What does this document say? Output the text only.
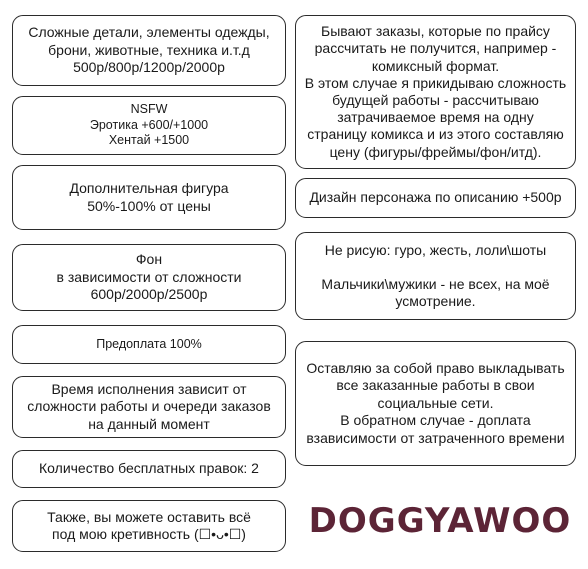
Сложные детали, элементы одежды,
брони, животные, техника и.т.д
500р/800р/1200р/2000р
NSFW
Эротика +600/+1000
Хентай +1500
Дополнительная фигура
50%-100% от цены
Фон
в зависимости от сложности
600р/2000р/2500р
Предоплата 100%
Время исполнения зависит от
сложности работы и очереди заказов
на данный момент
Количество бесплатных правок: 2
Также, вы можете оставить всё
под мою кретивность (☐•ᴗ•☐)
Бывают заказы, которые по прайсу
рассчитать не получится, например -
комиксный формат.
В этом случае я прикидываю сложность
будущей работы - рассчитываю
затрачиваемое время на одну
страницу комикса и из этого составляю
цену (фигуры/фреймы/фон/итд).
Дизайн персонажа по описанию +500р
Не рисую: гуро, жесть, лоли\шоты

Мальчики\мужики - не всех, на моё
усмотрение.
Оставляю за собой право выкладывать
все заказанные работы в свои
социальные сети.
В обратном случае - доплата
взависимости от затраченного времени
DOGGYAWOO
